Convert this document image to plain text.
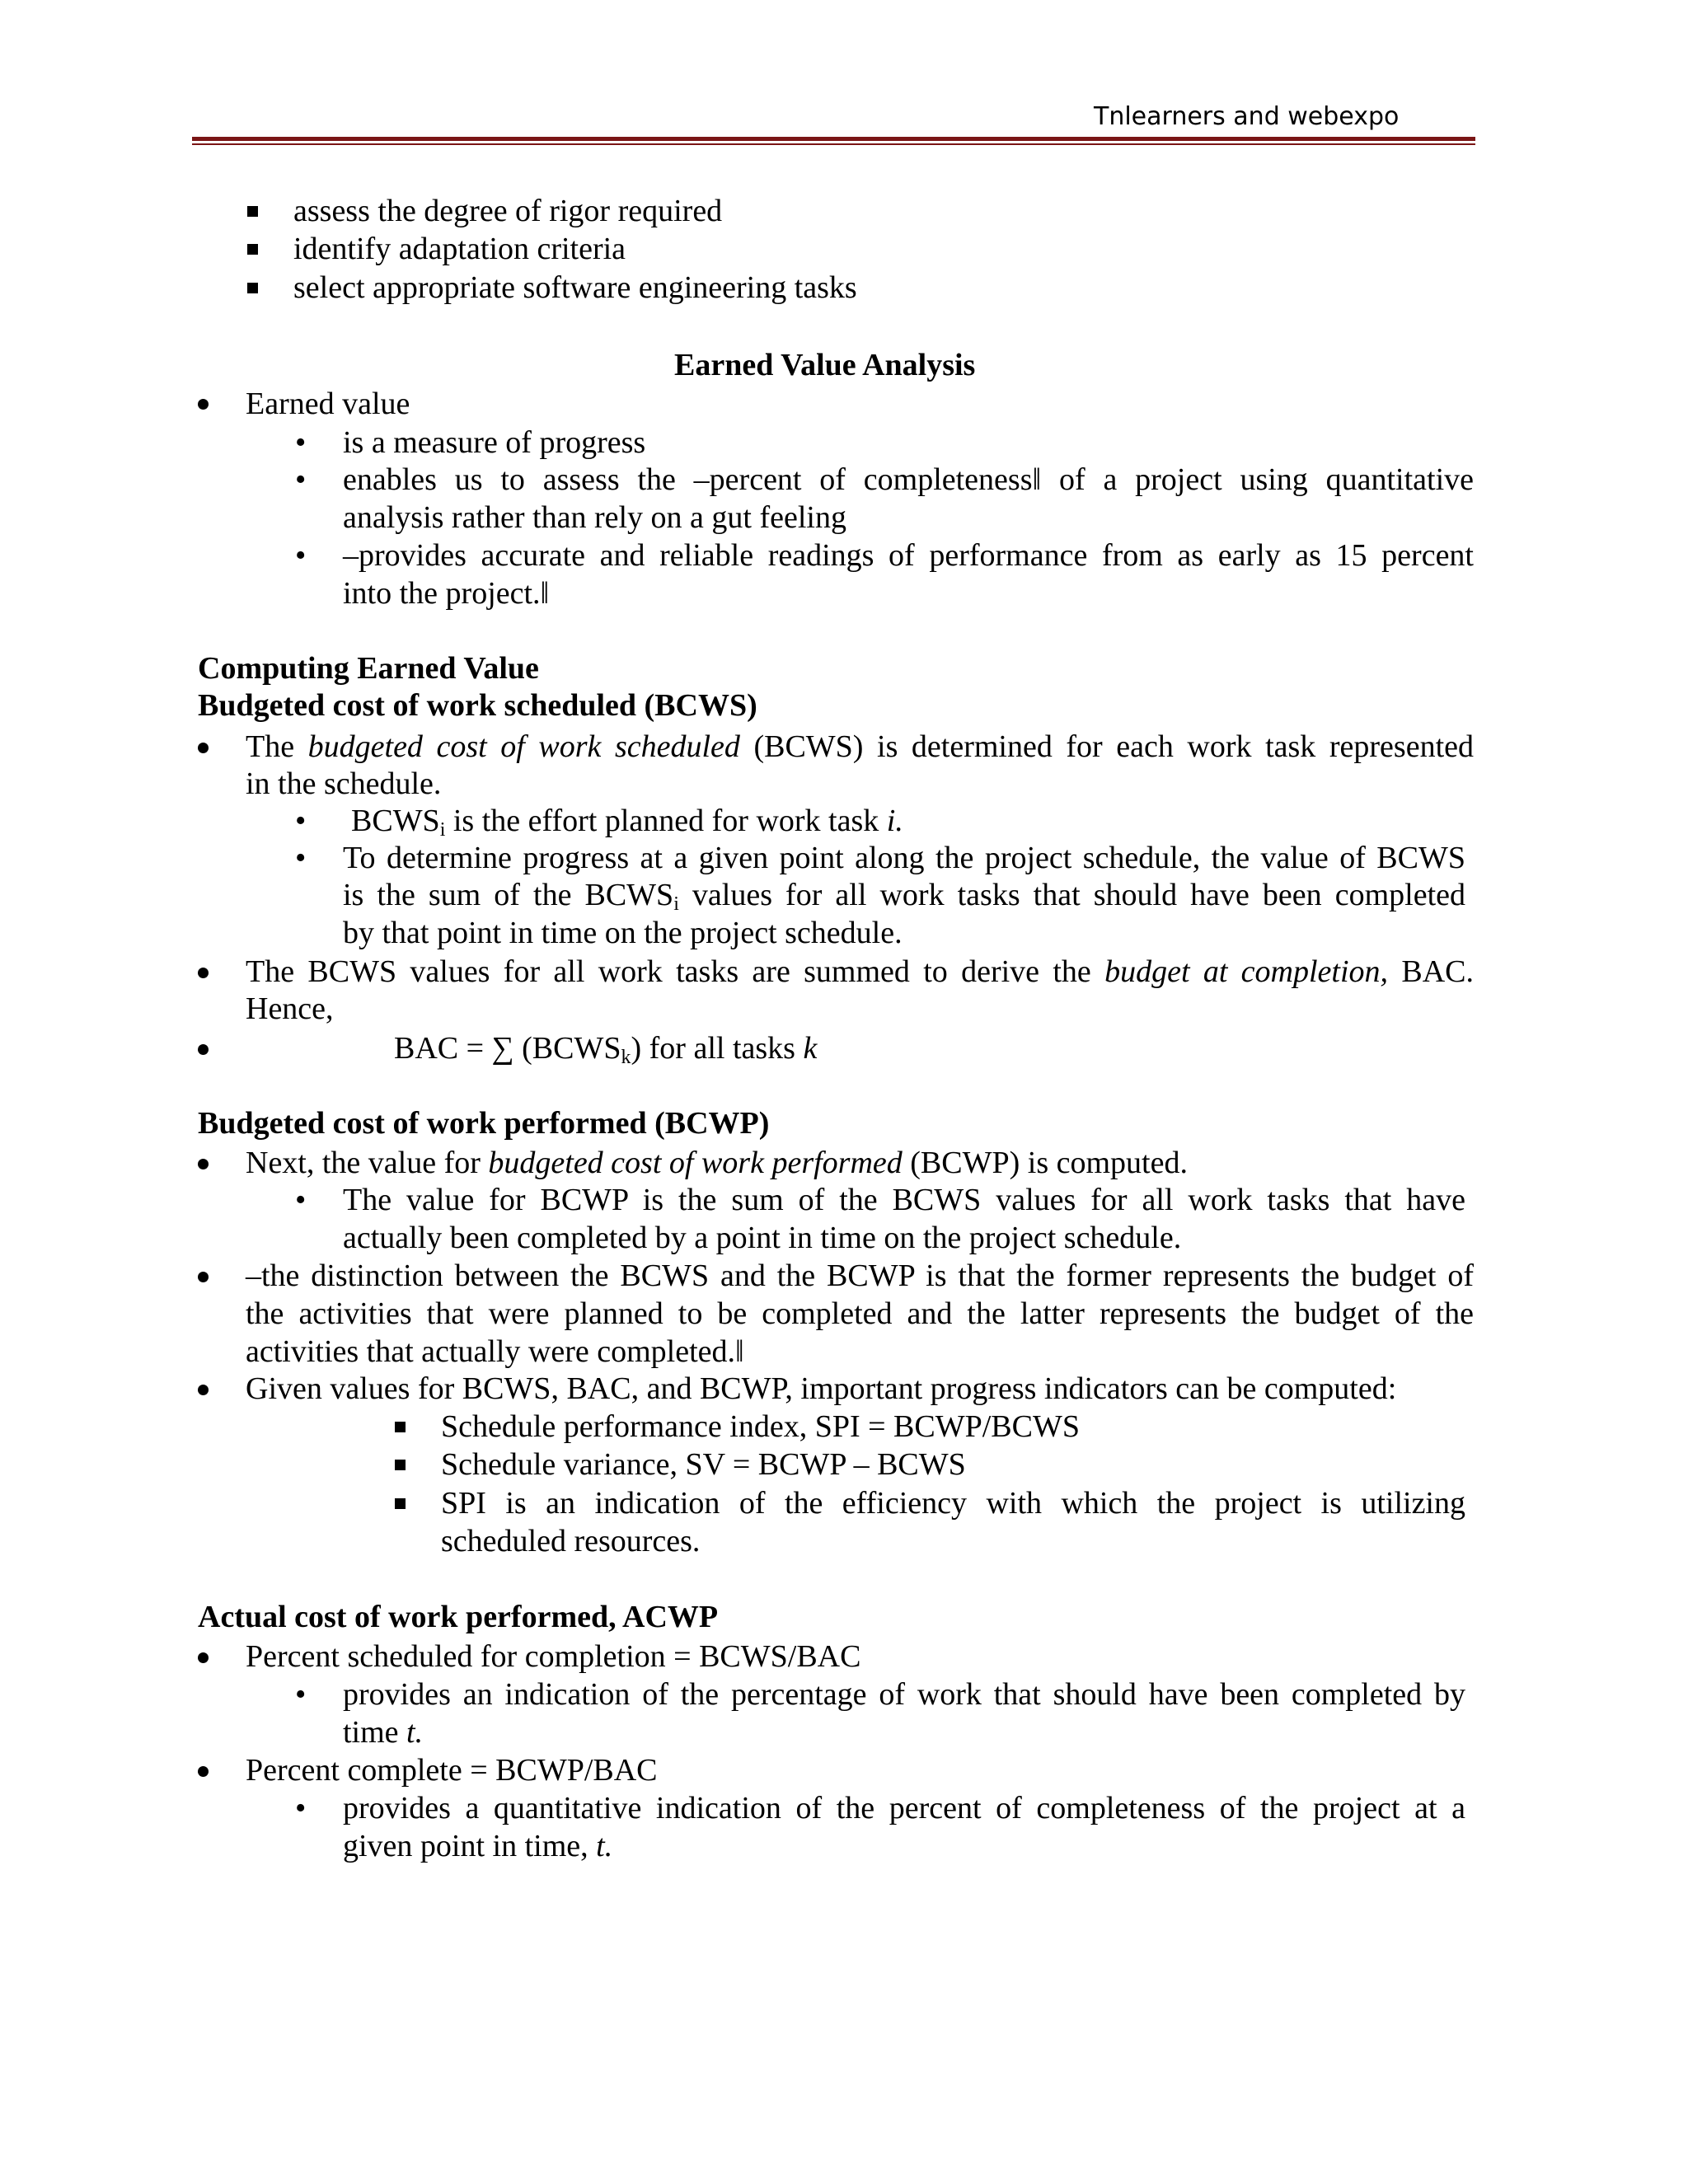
Tnlearners and webexpo
assess the degree of rigor required
identify adaptation criteria
select appropriate software engineering tasks
Earned Value Analysis
Earned value
• is a measure of progress
• enables us to assess the –percent of completeness‖ of a project using quantitative
analysis rather than rely on a gut feeling
• –provides accurate and reliable readings of performance from as early as 15 percent
into the project.‖
Computing Earned Value
Budgeted cost of work scheduled (BCWS)
The budgeted cost of work scheduled (BCWS) is determined for each work task represented
in the schedule.
• $BCWS_i$ is the effort planned for work task i.
• To determine progress at a given point along the project schedule, the value of BCWS
is the sum of the $BCWS_i$ values for all work tasks that should have been completed
by that point in time on the project schedule.
The BCWS values for all work tasks are summed to derive the budget at completion, BAC.
Hence,
BAC = ∑ $(BCWS_k)$ for all tasks k
Budgeted cost of work performed (BCWP)
Next, the value for budgeted cost of work performed (BCWP) is computed.
• The value for BCWP is the sum of the BCWS values for all work tasks that have
actually been completed by a point in time on the project schedule.
–the distinction between the BCWS and the BCWP is that the former represents the budget of
the activities that were planned to be completed and the latter represents the budget of the
activities that actually were completed.‖
Given values for BCWS, BAC, and BCWP, important progress indicators can be computed:
Schedule performance index, SPI = BCWP/BCWS
Schedule variance, SV = BCWP – BCWS
SPI is an indication of the efficiency with which the project is utilizing
scheduled resources.
Actual cost of work performed, ACWP
Percent scheduled for completion = BCWS/BAC
• provides an indication of the percentage of work that should have been completed by
time t.
Percent complete = BCWP/BAC
• provides a quantitative indication of the percent of completeness of the project at a
given point in time, t.
